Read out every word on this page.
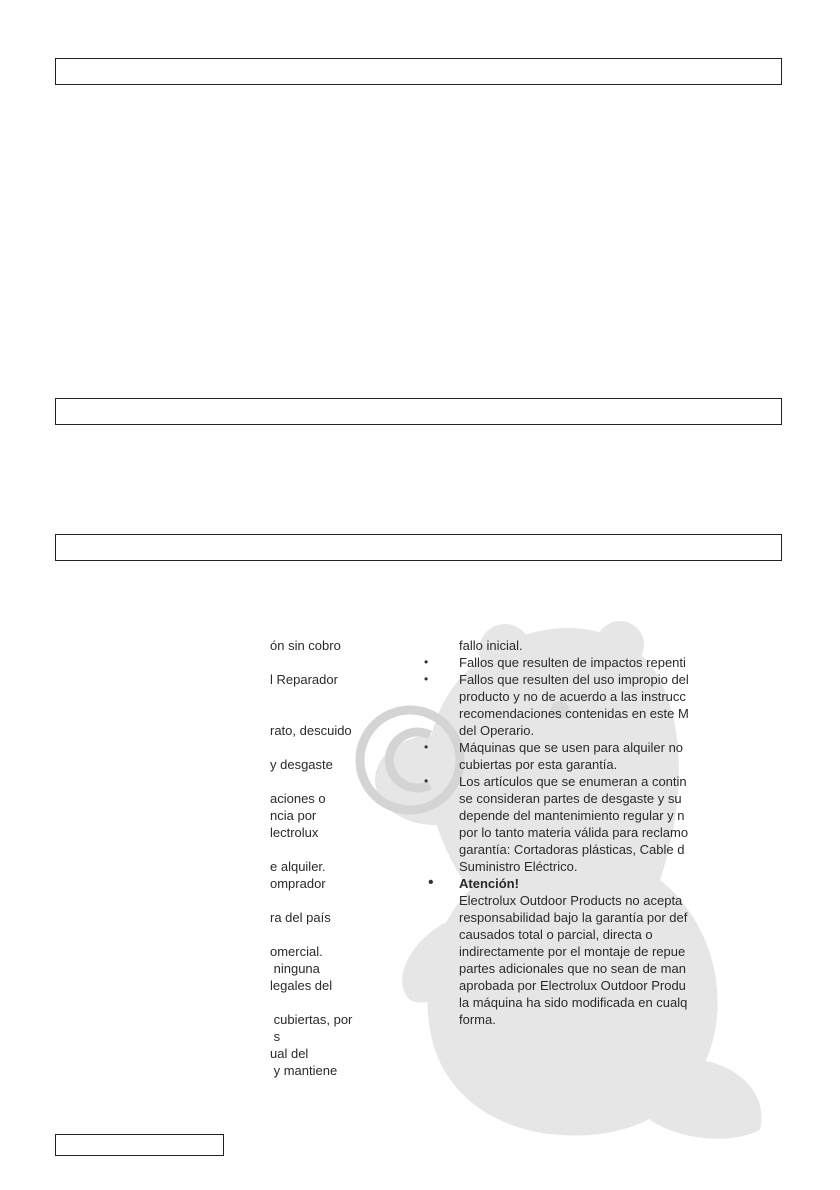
ón sin cobro
l Reparador
rato, descuido
y desgaste
aciones o
ncia por
lectrolux
e alquiler.
omprador
ra del país
omercial.
ninguna
legales del
cubiertas, por
s
ual del
y mantiene
•
•
•
•
•
fallo inicial.
Fallos que resulten de impactos repenti
Fallos que resulten del uso impropio del
producto y no de acuerdo a las instrucc
recomendaciones contenidas en este M
del Operario.
Máquinas que se usen para alquiler no
cubiertas por esta garantía.
Los artículos que se enumeran a contin
se consideran partes de desgaste y su
depende del mantenimiento regular y n
por lo tanto materia válida para reclamo
garantía: Cortadoras plásticas, Cable d
Suministro Eléctrico.
Atención!
Electrolux Outdoor Products no acepta
responsabilidad bajo la garantía por def
causados total o parcial, directa o
indirectamente por el montaje de repue
partes adicionales que no sean de man
aprobada por Electrolux Outdoor Produ
la máquina ha sido modificada en cualq
forma.
